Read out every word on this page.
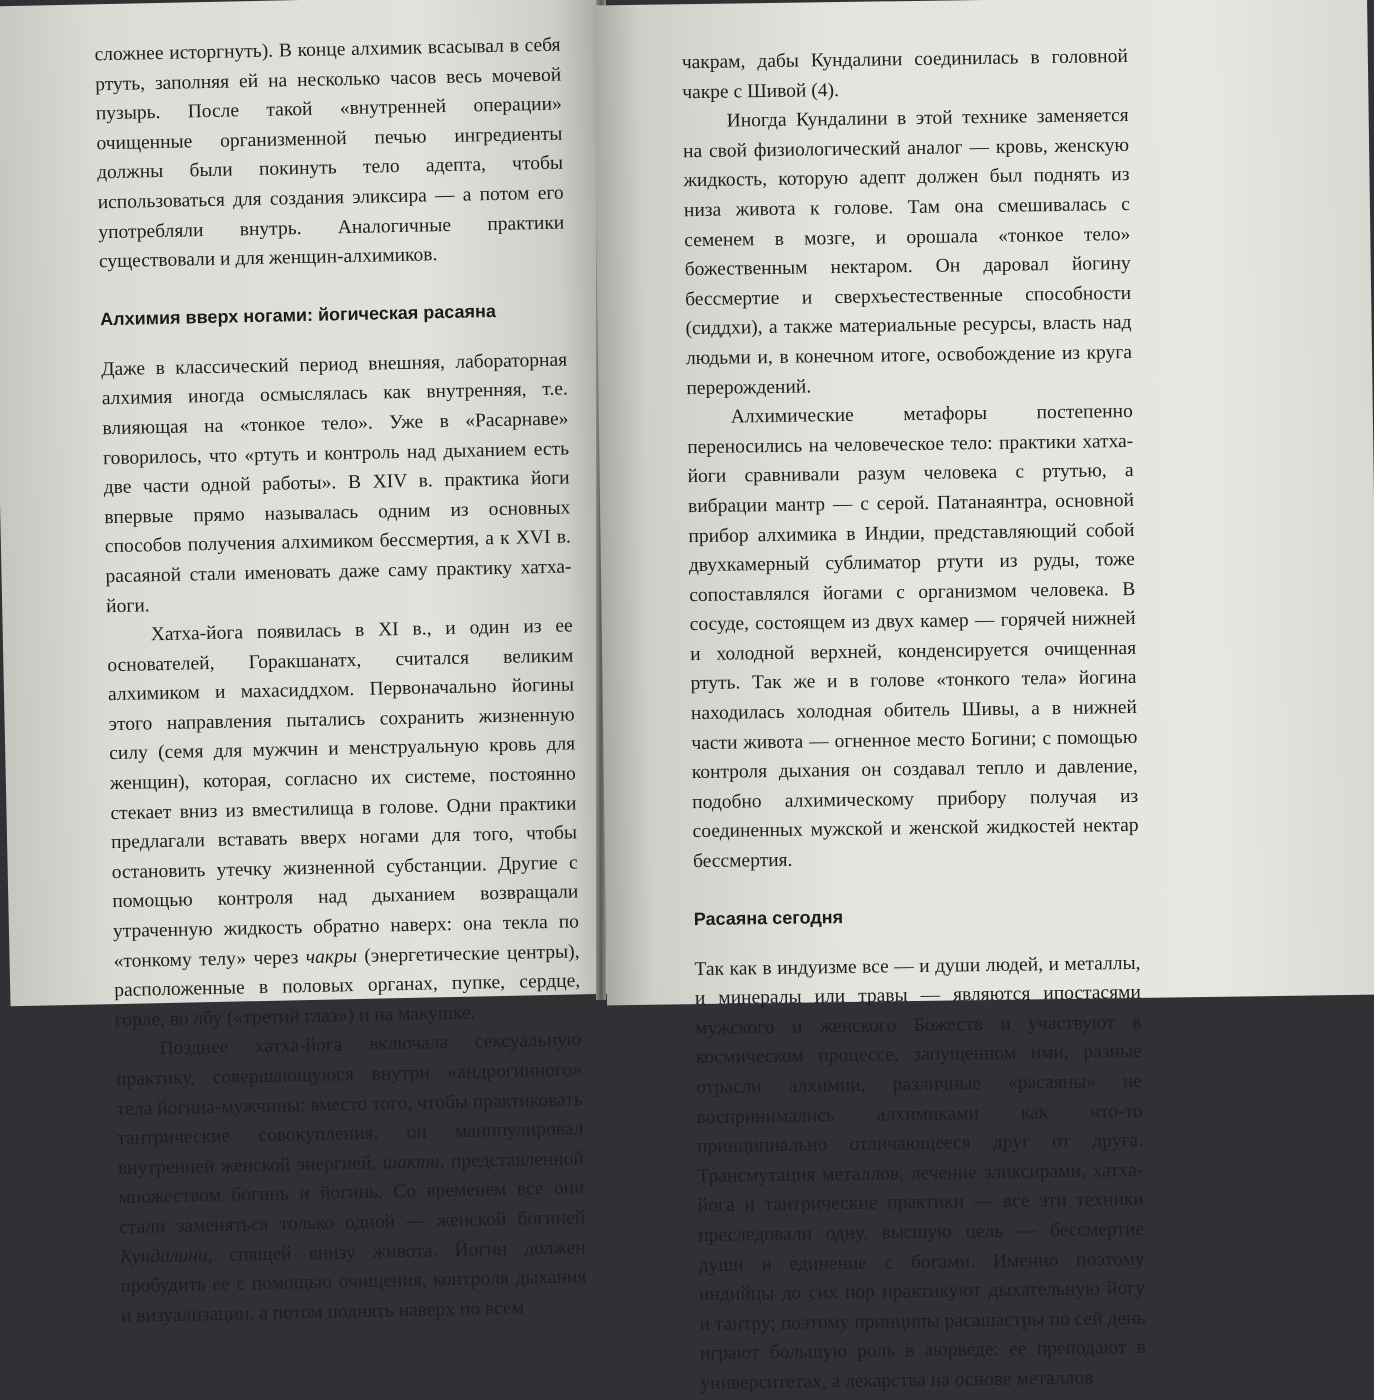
сложнее исторгнуть). В конце алхимик всасывал в себя ртуть, заполняя ей на несколько часов весь мочевой пузырь. После такой «внутренней операции» очищенные организменной печью ингредиенты должны были покинуть тело адепта, чтобы использоваться для создания эликсира — а потом его употребляли внутрь. Аналогичные практики существовали и для женщин-алхимиков.

Алхимия вверх ногами: йогическая расаяна

Даже в классический период внешняя, лабораторная алхимия иногда осмыслялась как внутренняя, т.е. влияющая на «тонкое тело». Уже в «Расарнаве» говорилось, что «ртуть и контроль над дыханием есть две части одной работы». В XIV в. практика йоги впервые прямо называлась одним из основных способов получения алхимиком бессмертия, а к XVI в. расаяной стали именовать даже саму практику хатха-йоги.

Хатха-йога появилась в XI в., и один из ее основателей, Горакшанатх, считался великим алхимиком и махасиддхом. Первоначально йогины этого направления пытались сохранить жизненную силу (семя для мужчин и менструальную кровь для женщин), которая, согласно их системе, постоянно стекает вниз из вместилища в голове. Одни практики предлагали вставать вверх ногами для того, чтобы остановить утечку жизненной субстанции. Другие с помощью контроля над дыханием возвращали утраченную жидкость обратно наверх: она текла по «тонкому телу» через чакры (энергетические центры), расположенные в половых органах, пупке, сердце, горле, во лбу («третий глаз») и на макушке.

Позднее хатха-йога включала сексуальную практику, совершающуюся внутри «андрогинного» тела йогина-мужчины: вместо того, чтобы практиковать тантрические совокупления, он манипулировал внутренней женской энергией, шакти, представленной множеством богинь и йогинь. Со временем все они стали заменяться только одной — женской богиней Кундалини, спящей внизу живота. Йогин должен пробудить ее с помощью очищения, контроля дыхания и визуализации, а потом поднять наверх по всем

чакрам, дабы Кундалини соединилась в головной чакре с Шивой (4).

Иногда Кундалини в этой технике заменяется на свой физиологический аналог — кровь, женскую жидкость, которую адепт должен был поднять из низа живота к голове. Там она смешивалась с семенем в мозге, и орошала «тонкое тело» божественным нектаром. Он даровал йогину бессмертие и сверхъестественные способности (сиддхи), а также материальные ресурсы, власть над людьми и, в конечном итоге, освобождение из круга перерождений.

Алхимические метафоры постепенно переносились на человеческое тело: практики хатха-йоги сравнивали разум человека с ртутью, а вибрации мантр — с серой. Патанаянтра, основной прибор алхимика в Индии, представляющий собой двухкамерный сублиматор ртути из руды, тоже сопоставлялся йогами с организмом человека. В сосуде, состоящем из двух камер — горячей нижней и холодной верхней, конденсируется очищенная ртуть. Так же и в голове «тонкого тела» йогина находилась холодная обитель Шивы, а в нижней части живота — огненное место Богини; с помощью контроля дыхания он создавал тепло и давление, подобно алхимическому прибору получая из соединенных мужской и женской жидкостей нектар бессмертия.

Расаяна сегодня

Так как в индуизме все — и души людей, и металлы, и минералы или травы — являются ипостасями мужского и женского Божеств и участвуют в космическом процессе, запущенном ими, разные отрасли алхимии, различные «расаяны» не воспринимались алхимиками как что-то принципиально отличающееся друг от друга. Трансмутация металлов, лечение эликсирами, хатха-йога и тантрические практики — все эти техники преследовали одну, высшую цель — бессмертие души и единение с богами. Именно поэтому индийцы до сих пор практикуют дыхательную йогу и тантру; поэтому принципы расашастры по сей день играют большую роль в аюрведе: ее преподают в университетах, а лекарства на основе металлов
